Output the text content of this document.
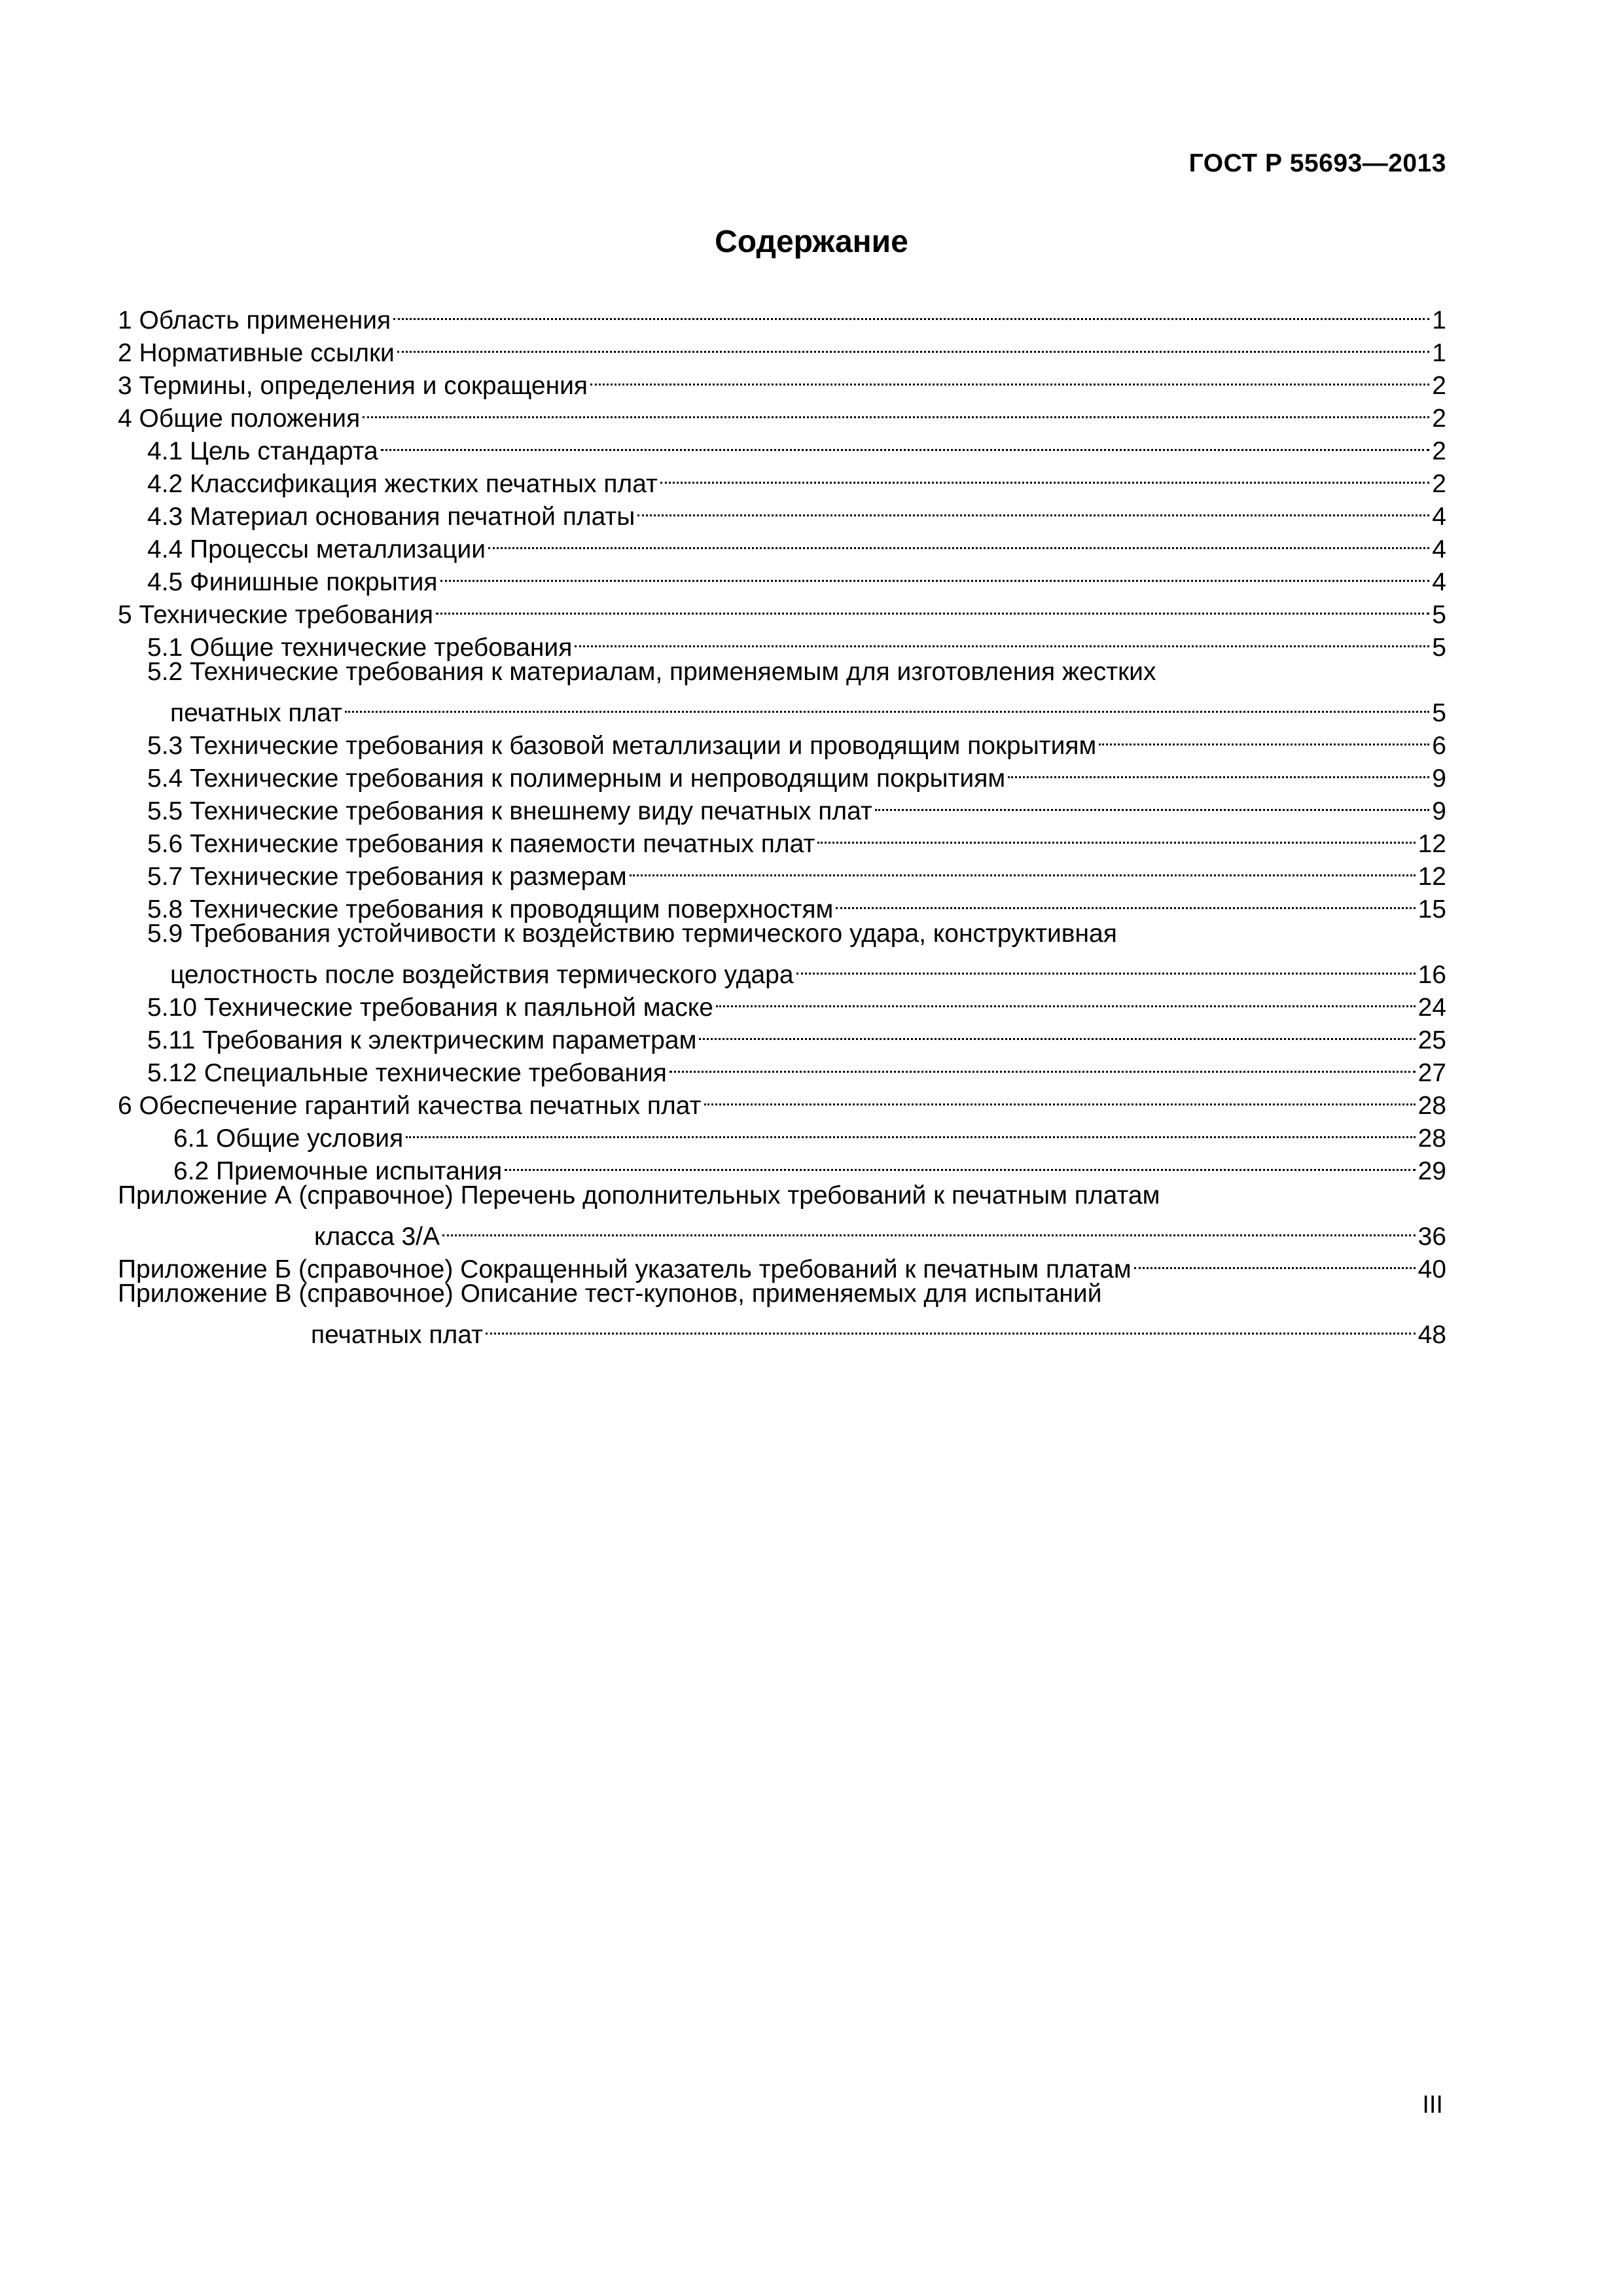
ГОСТ Р 55693—2013
Содержание
1 Область применения	1
2 Нормативные ссылки	1
3 Термины, определения и сокращения	2
4 Общие положения	2
4.1 Цель стандарта	2
4.2 Классификация жестких печатных плат	2
4.3 Материал основания печатной платы	4
4.4 Процессы металлизации	4
4.5 Финишные покрытия	4
5 Технические требования	5
5.1 Общие технические требования	5
5.2 Технические требования к материалам, применяемым для изготовления жестких
печатных плат	5
5.3 Технические требования к базовой металлизации и проводящим покрытиям	6
5.4 Технические требования к полимерным и непроводящим покрытиям	9
5.5 Технические требования к внешнему виду печатных плат	9
5.6 Технические требования к паяемости печатных плат	12
5.7 Технические требования к размерам	12
5.8 Технические требования к проводящим поверхностям	15
5.9 Требования устойчивости к воздействию термического удара, конструктивная
целостность после воздействия термического удара	16
5.10 Технические требования к паяльной маске	24
5.11 Требования к электрическим параметрам	25
5.12 Специальные технические требования	27
6 Обеспечение гарантий качества печатных плат	28
6.1 Общие условия	28
6.2 Приемочные испытания	29
Приложение А (справочное) Перечень дополнительных требований к печатным платам
класса 3/А	36
Приложение Б (справочное) Сокращенный указатель требований к печатным платам	40
Приложение В (справочное) Описание тест-купонов, применяемых для испытаний
печатных плат	48
III
